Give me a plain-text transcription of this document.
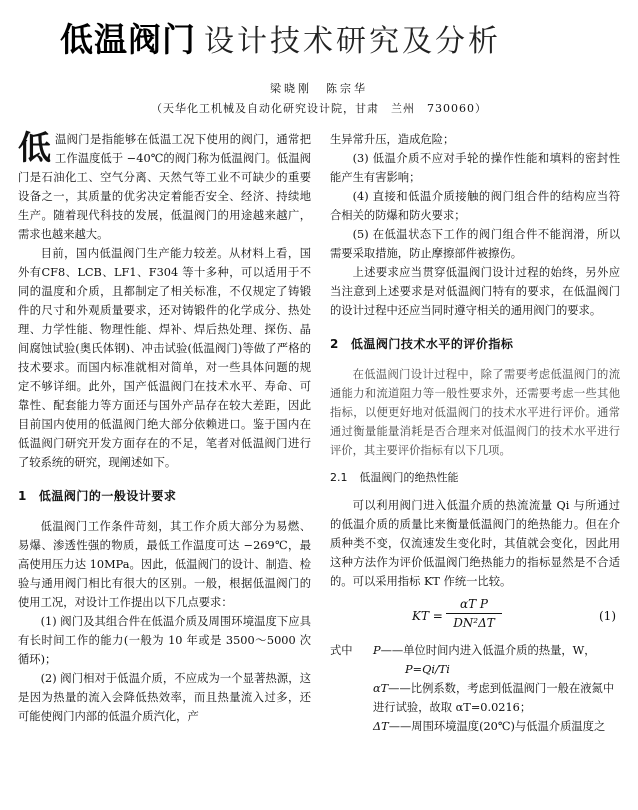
低温阀门 设计技术研究及分析
梁晓刚　陈宗华
（天华化工机械及自动化研究设计院，甘肃　兰州　730060）

低温阀门是指能够在低温工况下使用的阀门，通常把工作温度低于 −40℃的阀门称为低温阀门。低温阀门是石油化工、空气分离、天然气等工业不可缺少的重要设备之一，其质量的优劣决定着能否安全、经济、持续地生产。随着现代科技的发展，低温阀门的用途越来越广，需求也越来越大。

目前，国内低温阀门生产能力较差。从材料上看，国外有CF8、LCB、LF1、F304 等十多种，可以适用于不同的温度和介质，且都制定了相关标准，不仅规定了铸锻件的尺寸和外观质量要求，还对铸锻件的化学成分、热处理、力学性能、物理性能、焊补、焊后热处理、探伤、晶间腐蚀试验(奥氏体钢)、冲击试验(低温阀门)等做了严格的技术要求。而国内标准就相对简单，对一些具体问题的规定不够详细。此外，国产低温阀门在技术水平、寿命、可靠性、配套能力等方面还与国外产品存在较大差距，因此目前国内使用的低温阀门绝大部分依赖进口。鉴于国内在低温阀门研究开发方面存在的不足，笔者对低温阀门进行了较系统的研究，现阐述如下。

1 低温阀门的一般设计要求

低温阀门工作条件苛刻，其工作介质大部分为易燃、易爆、渗透性强的物质，最低工作温度可达 −269℃，最高使用压力达 10MPa。因此，低温阀门的设计、制造、检验与通用阀门相比有很大的区别。一般，根据低温阀门的使用工况，对设计工作提出以下几点要求：

(1) 阀门及其组合件在低温介质及周围环境温度下应具有长时间工作的能力(一般为 10 年或是 3500～5000 次循环)；

(2) 阀门相对于低温介质，不应成为一个显著热源，这是因为热量的流入会降低热效率，而且热量流入过多，还可能使阀门内部的低温介质汽化，产

生异常升压，造成危险；

(3) 低温介质不应对手轮的操作性能和填料的密封性能产生有害影响；

(4) 直接和低温介质接触的阀门组合件的结构应当符合相关的防爆和防火要求；

(5) 在低温状态下工作的阀门组合件不能润滑，所以需要采取措施，防止摩擦部件被擦伤。

上述要求应当贯穿低温阀门设计过程的始终，另外应当注意到上述要求是对低温阀门特有的要求，在低温阀门的设计过程中还应当同时遵守相关的通用阀门的要求。

2 低温阀门技术水平的评价指标

在低温阀门设计过程中，除了需要考虑低温阀门的流通能力和流道阻力等一般性要求外，还需要考虑一些其他指标，以便更好地对低温阀门的技术水平进行评价。通常通过衡量能量消耗是否合理来对低温阀门的技术水平进行评价，其主要评价指标有以下几项。

2.1 低温阀门的绝热性能

可以利用阀门进入低温介质的热流流量 Qi 与所通过的低温介质的质量比来衡量低温阀门的绝热能力。但在介质种类不变，仅流速发生变化时，其值就会变化，因此用这种方法作为评价低温阀门绝热能力的指标显然是不合适的。可以采用指标 KT 作统一比较。

KT = $\frac{\text{αT P}}{\text{DN²ΔT}}$	(1)
式中 P——单位时间内进入低温介质的热量，W，
P=Qi/Ti
αT——比例系数，考虑到低温阀门一般在液氮中进行试验，故取 αT=0.0216；
ΔT——周围环境温度(20℃)与低温介质温度之
